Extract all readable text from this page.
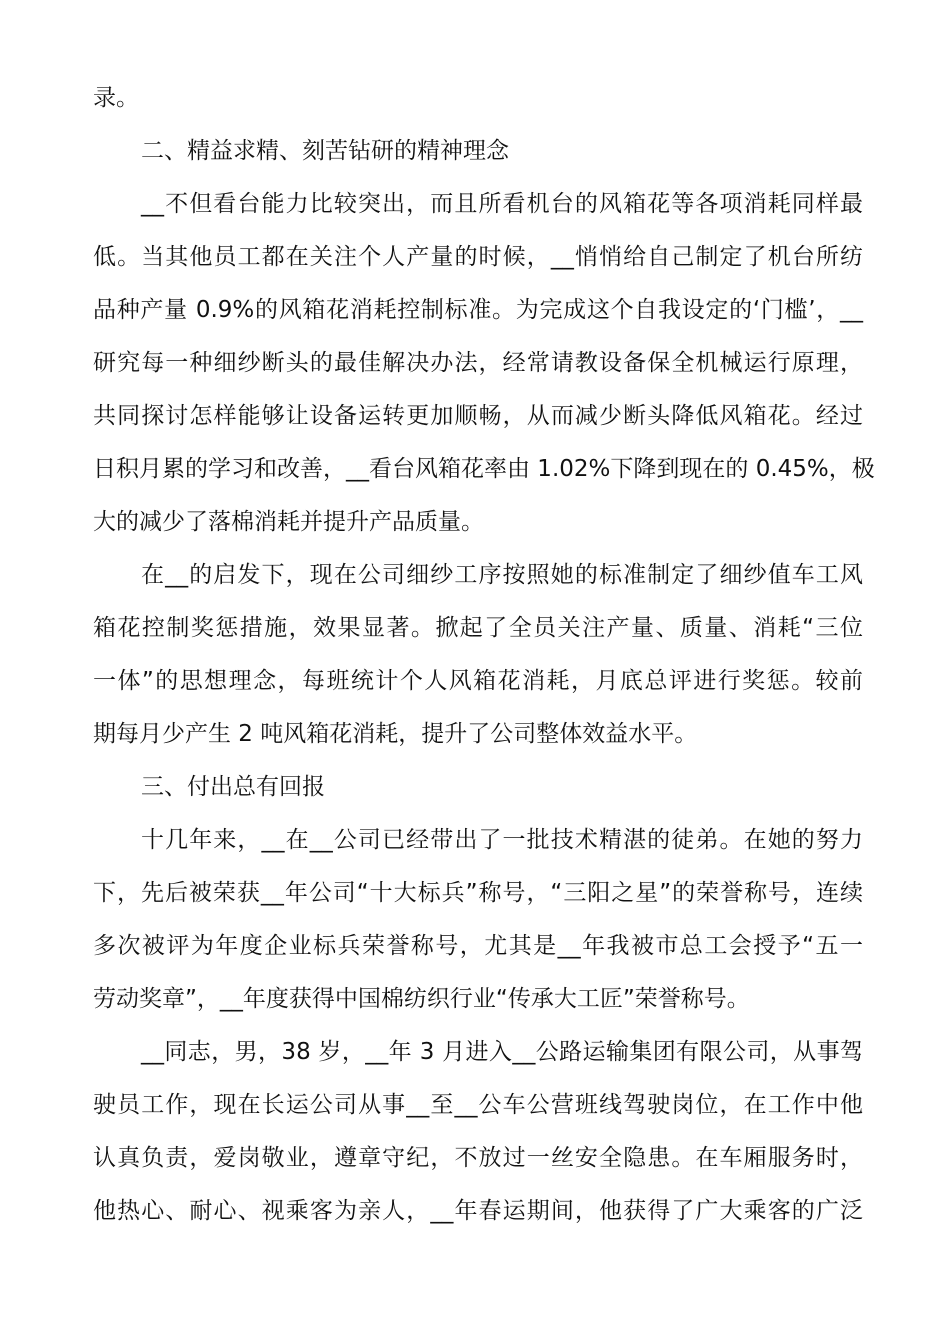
录。
二、精益求精、刻苦钻研的精神理念
__不但看台能力比较突出，而且所看机台的风箱花等各项消耗同样最
低。当其他员工都在关注个人产量的时候，__悄悄给自己制定了机台所纺
品种产量 0.9%的风箱花消耗控制标准。为完成这个自我设定的‘门槛’，__
研究每一种细纱断头的最佳解决办法，经常请教设备保全机械运行原理，
共同探讨怎样能够让设备运转更加顺畅，从而减少断头降低风箱花。经过
日积月累的学习和改善，__看台风箱花率由 1.02%下降到现在的 0.45%，极
大的减少了落棉消耗并提升产品质量。
在__的启发下，现在公司细纱工序按照她的标准制定了细纱值车工风
箱花控制奖惩措施，效果显著。掀起了全员关注产量、质量、消耗“三位
一体”的思想理念，每班统计个人风箱花消耗，月底总评进行奖惩。较前
期每月少产生 2 吨风箱花消耗，提升了公司整体效益水平。
三、付出总有回报
十几年来，__在__公司已经带出了一批技术精湛的徒弟。在她的努力
下，先后被荣获__年公司“十大标兵”称号，“三阳之星”的荣誉称号，连续
多次被评为年度企业标兵荣誉称号，尤其是__年我被市总工会授予“五一
劳动奖章”，__年度获得中国棉纺织行业“传承大工匠”荣誉称号。
__同志，男，38 岁，__年 3 月进入__公路运输集团有限公司，从事驾
驶员工作，现在长运公司从事__至__公车公营班线驾驶岗位，在工作中他
认真负责，爱岗敬业，遵章守纪，不放过一丝安全隐患。在车厢服务时，
他热心、耐心、视乘客为亲人，__年春运期间，他获得了广大乘客的广泛
